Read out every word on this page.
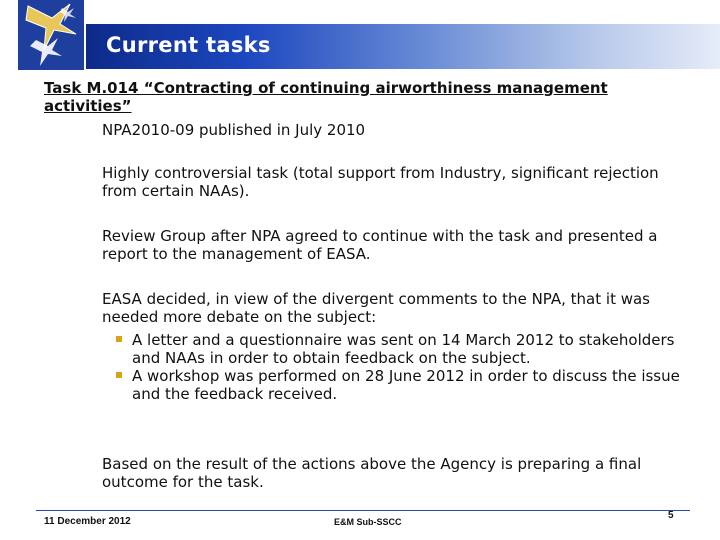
Current tasks
Task M.014 “Contracting of continuing airworthiness management activities”
NPA2010-09 published in July 2010
Highly controversial task (total support from Industry, significant rejection from certain NAAs).
Review Group after NPA agreed to continue with the task and presented a report to the management of EASA.
EASA decided, in view of the divergent comments to the NPA, that it was needed more debate on the subject:
A letter and a questionnaire was sent on 14 March 2012 to stakeholders and NAAs in order to obtain feedback on the subject.
A workshop was performed on 28 June 2012 in order to discuss the issue and the feedback received.
Based on the result of the actions above the Agency is preparing a final outcome for the task.
11 December 2012	E&M Sub-SSCC
5
